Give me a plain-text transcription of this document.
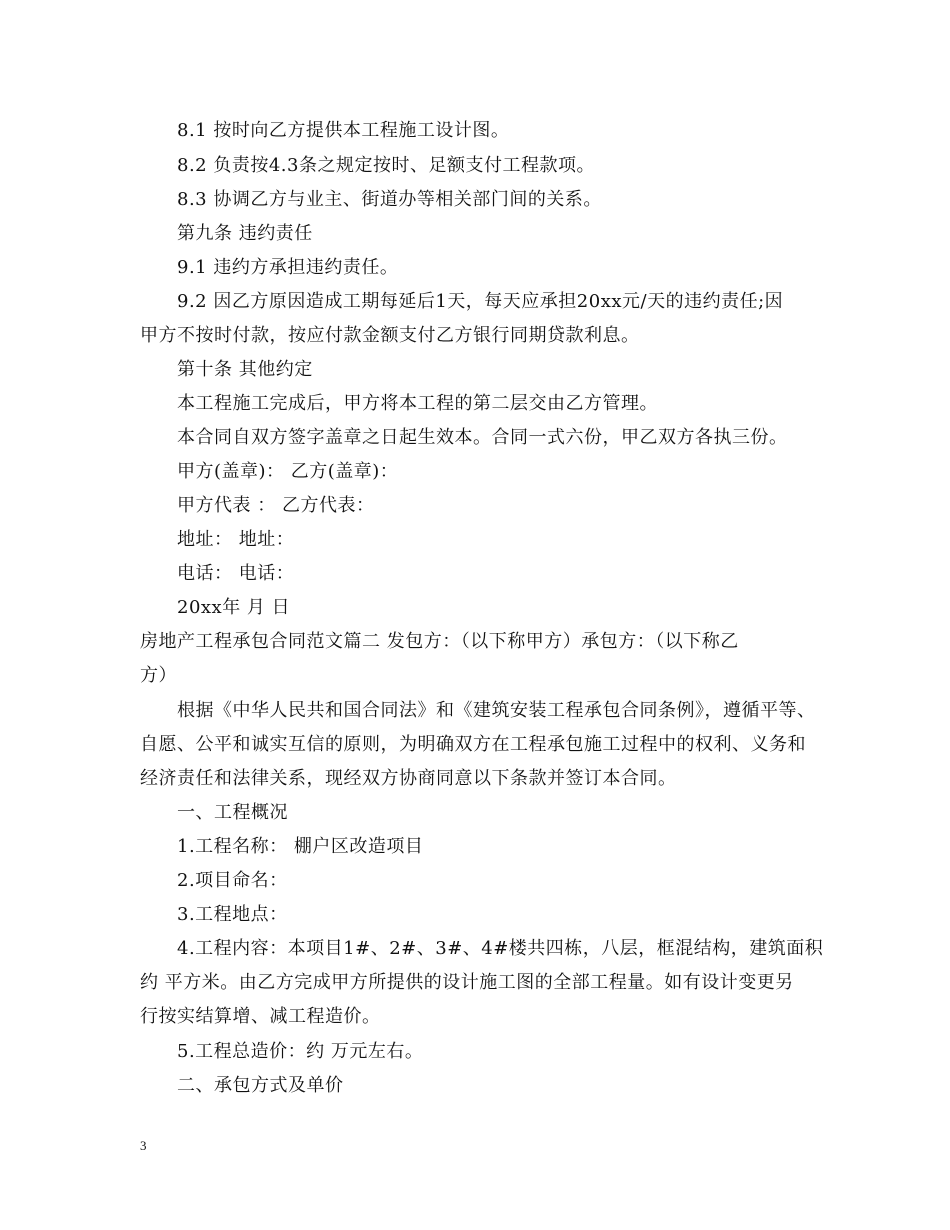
8.1 按时向乙方提供本工程施工设计图。
8.2 负责按4.3条之规定按时、足额支付工程款项。
8.3 协调乙方与业主、街道办等相关部门间的关系。
第九条 违约责任
9.1 违约方承担违约责任。
9.2 因乙方原因造成工期每延后1天，每天应承担20xx元/天的违约责任;因
甲方不按时付款，按应付款金额支付乙方银行同期贷款利息。
第十条 其他约定
本工程施工完成后，甲方将本工程的第二层交由乙方管理。
本合同自双方签字盖章之日起生效本。合同一式六份，甲乙双方各执三份。
甲方(盖章)： 乙方(盖章)：
甲方代表 ： 乙方代表：
地址： 地址：
电话： 电话：
20xx年 月 日
房地产工程承包合同范文篇二 发包方：（以下称甲方）承包方：（以下称乙
方）
根据《中华人民共和国合同法》和《建筑安装工程承包合同条例》，遵循平等、
自愿、公平和诚实互信的原则，为明确双方在工程承包施工过程中的权利、义务和
经济责任和法律关系，现经双方协商同意以下条款并签订本合同。
一、工程概况
1.工程名称： 棚户区改造项目
2.项目命名：
3.工程地点：
4.工程内容：本项目1#、2#、3#、4#楼共四栋，八层，框混结构，建筑面积
约 平方米。由乙方完成甲方所提供的设计施工图的全部工程量。如有设计变更另
行按实结算增、减工程造价。
5.工程总造价：约 万元左右。
二、承包方式及单价
3
